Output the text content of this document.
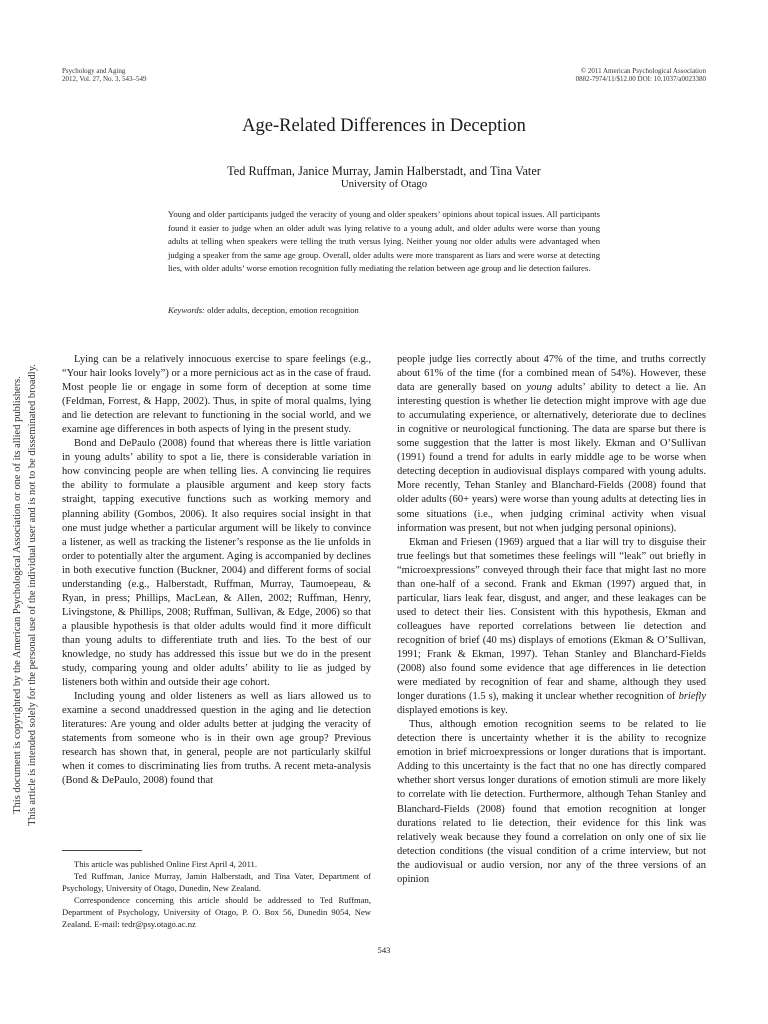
Psychology and Aging
2012, Vol. 27, No. 3, 543–549
© 2011 American Psychological Association
0882-7974/11/$12.00 DOI: 10.1037/a0023380
This document is copyrighted by the American Psychological Association or one of its allied publishers. This article is intended solely for the personal use of the individual user and is not to be disseminated broadly.
Age-Related Differences in Deception
Ted Ruffman, Janice Murray, Jamin Halberstadt, and Tina Vater
University of Otago

Young and older participants judged the veracity of young and older speakers’ opinions about topical issues. All participants found it easier to judge when an older adult was lying relative to a young adult, and older adults were worse than young adults at telling when speakers were telling the truth versus lying. Neither young nor older adults were advantaged when judging a speaker from the same age group. Overall, older adults were more transparent as liars and were worse at detecting lies, with older adults’ worse emotion recognition fully mediating the relation between age group and lie detection failures.

Keywords: older adults, deception, emotion recognition

Lying can be a relatively innocuous exercise to spare feelings (e.g., “Your hair looks lovely”) or a more pernicious act as in the case of fraud. Most people lie or engage in some form of deception at some time (Feldman, Forrest, & Happ, 2002). Thus, in spite of moral qualms, lying and lie detection are relevant to functioning in the social world, and we examine age differences in both aspects of lying in the present study.

Bond and DePaulo (2008) found that whereas there is little variation in young adults’ ability to spot a lie, there is considerable variation in how convincing people are when telling lies. A convincing lie requires the ability to formulate a plausible argument and keep story facts straight, tapping executive functions such as working memory and planning ability (Gombos, 2006). It also requires social insight in that one must judge whether a particular argument will be likely to convince a listener, as well as tracking the listener’s response as the lie unfolds in order to potentially alter the argument. Aging is accompanied by declines in both executive function (Buckner, 2004) and different forms of social understanding (e.g., Halberstadt, Ruffman, Murray, Taumoepeau, & Ryan, in press; Phillips, MacLean, & Allen, 2002; Ruffman, Henry, Livingstone, & Phillips, 2008; Ruffman, Sullivan, & Edge, 2006) so that a plausible hypothesis is that older adults would find it more difficult than young adults to differentiate truth and lies. To the best of our knowledge, no study has addressed this issue but we do in the present study, comparing young and older adults’ ability to lie as judged by listeners both within and outside their age cohort.

Including young and older listeners as well as liars allowed us to examine a second unaddressed question in the aging and lie detection literatures: Are young and older adults better at judging the veracity of statements from someone who is in their own age group? Previous research has shown that, in general, people are not particularly skilful when it comes to discriminating lies from truths. A recent meta-analysis (Bond & DePaulo, 2008) found that

people judge lies correctly about 47% of the time, and truths correctly about 61% of the time (for a combined mean of 54%). However, these data are generally based on young adults’ ability to detect a lie. An interesting question is whether lie detection might improve with age due to accumulating experience, or alternatively, deteriorate due to declines in cognitive or neurological functioning. The data are sparse but there is some suggestion that the latter is most likely. Ekman and O’Sullivan (1991) found a trend for adults in early middle age to be worse when detecting deception in audiovisual displays compared with young adults. More recently, Tehan Stanley and Blanchard-Fields (2008) found that older adults (60+ years) were worse than young adults at detecting lies in some situations (i.e., when judging criminal activity when visual information was present, but not when judging personal opinions).

Ekman and Friesen (1969) argued that a liar will try to disguise their true feelings but that sometimes these feelings will “leak” out briefly in “microexpressions” conveyed through their face that might last no more than one-half of a second. Frank and Ekman (1997) argued that, in particular, liars leak fear, disgust, and anger, and these leakages can be used to detect their lies. Consistent with this hypothesis, Ekman and colleagues have reported correlations between lie detection and recognition of brief (40 ms) displays of emotions (Ekman & O’Sullivan, 1991; Frank & Ekman, 1997). Tehan Stanley and Blanchard-Fields (2008) also found some evidence that age differences in lie detection were mediated by recognition of fear and shame, although they used longer durations (1.5 s), making it unclear whether recognition of briefly displayed emotions is key.

Thus, although emotion recognition seems to be related to lie detection there is uncertainty whether it is the ability to recognize emotion in brief microexpressions or longer durations that is important. Adding to this uncertainty is the fact that no one has directly compared whether short versus longer durations of emotion stimuli are more likely to correlate with lie detection. Furthermore, although Tehan Stanley and Blanchard-Fields (2008) found that emotion recognition at longer durations related to lie detection, their evidence for this link was relatively weak because they found a correlation on only one of six lie detection conditions (the visual condition of a crime interview, but not the audiovisual or audio version, nor any of the three versions of an opinion

This article was published Online First April 4, 2011.

Ted Ruffman, Janice Murray, Jamin Halberstadt, and Tina Vater, Department of Psychology, University of Otago, Dunedin, New Zealand.

Correspondence concerning this article should be addressed to Ted Ruffman, Department of Psychology, University of Otago, P. O. Box 56, Dunedin 9054, New Zealand. E-mail: tedr@psy.otago.ac.nz

543
